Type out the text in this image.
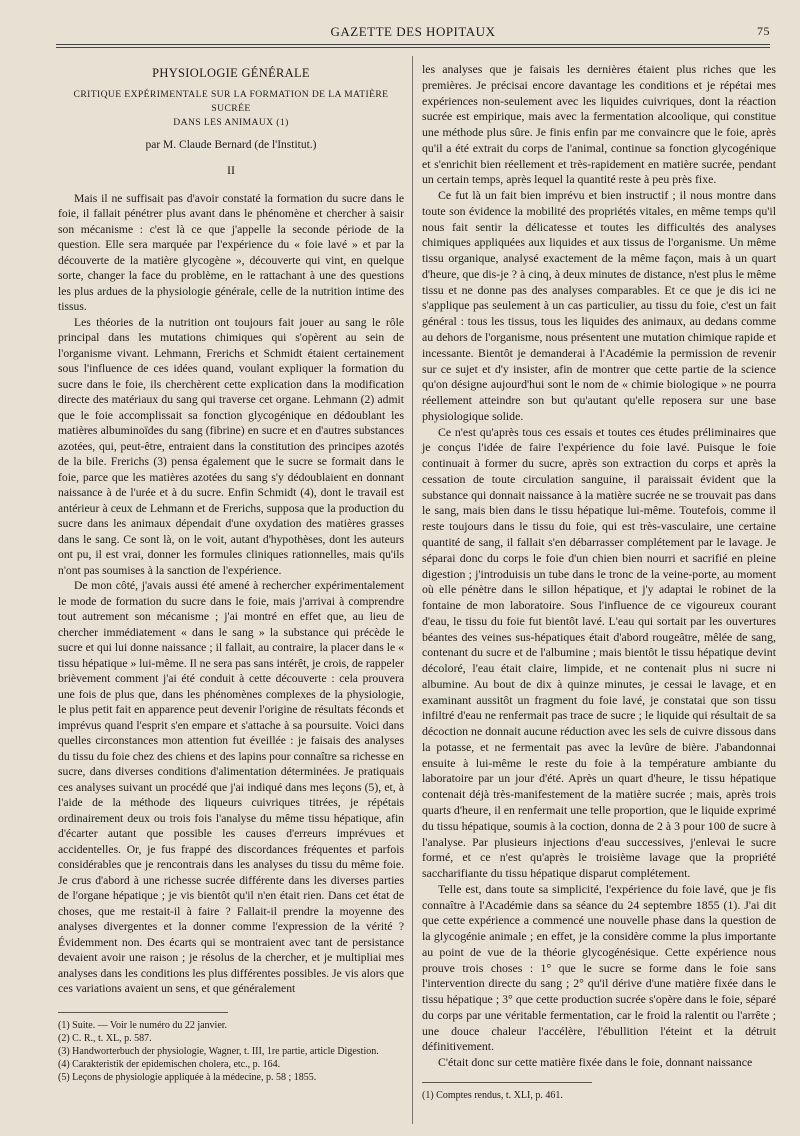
GAZETTE DES HOPITAUX	75
PHYSIOLOGIE GÉNÉRALE
CRITIQUE EXPÉRIMENTALE SUR LA FORMATION DE LA MATIÈRE SUCRÉE
DANS LES ANIMAUX (1)
par M. Claude Bernard (de l'Institut.)
II

Mais il ne suffisait pas d'avoir constaté la formation du sucre dans le foie, il fallait pénétrer plus avant dans le phénomène et chercher à saisir son mécanisme : c'est là ce que j'appelle la seconde période de la question. Elle sera marquée par l'expérience du « foie lavé » et par la découverte de la matière glycogène », découverte qui vint, en quelque sorte, changer la face du problème, en le rattachant à une des questions les plus ardues de la physiologie générale, celle de la nutrition intime des tissus.

Les théories de la nutrition ont toujours fait jouer au sang le rôle principal dans les mutations chimiques qui s'opèrent au sein de l'organisme vivant. Lehmann, Frerichs et Schmidt étaient certainement sous l'influence de ces idées quand, voulant expliquer la formation du sucre dans le foie, ils cherchèrent cette explication dans la modification directe des matériaux du sang qui traverse cet organe. Lehmann (2) admit que le foie accomplissait sa fonction glycogénique en dédoublant les matières albuminoïdes du sang (fibrine) en sucre et en d'autres substances azotées, qui, peut-être, entraient dans la constitution des principes azotés de la bile. Frerichs (3) pensa également que le sucre se formait dans le foie, parce que les matières azotées du sang s'y dédoublaient en donnant naissance à de l'urée et à du sucre. Enfin Schmidt (4), dont le travail est antérieur à ceux de Lehmann et de Frerichs, supposa que la production du sucre dans les animaux dépendait d'une oxydation des matières grasses dans le sang. Ce sont là, on le voit, autant d'hypothèses, dont les auteurs ont pu, il est vrai, donner les formules cliniques rationnelles, mais qu'ils n'ont pas soumises à la sanction de l'expérience.

De mon côté, j'avais aussi été amené à rechercher expérimentalement le mode de formation du sucre dans le foie, mais j'arrivai à comprendre tout autrement son mécanisme ; j'ai montré en effet que, au lieu de chercher immédiatement « dans le sang » la substance qui précède le sucre et qui lui donne naissance ; il fallait, au contraire, la placer dans le « tissu hépatique » lui-même. Il ne sera pas sans intérêt, je crois, de rappeler brièvement comment j'ai été conduit à cette découverte : cela prouvera une fois de plus que, dans les phénomènes complexes de la physiologie, le plus petit fait en apparence peut devenir l'origine de résultats féconds et imprévus quand l'esprit s'en empare et s'attache à sa poursuite. Voici dans quelles circonstances mon attention fut éveillée : je faisais des analyses du tissu du foie chez des chiens et des lapins pour connaître sa richesse en sucre, dans diverses conditions d'alimentation déterminées. Je pratiquais ces analyses suivant un procédé que j'ai indiqué dans mes leçons (5), et, à l'aide de la méthode des liqueurs cuivriques titrées, je répétais ordinairement deux ou trois fois l'analyse du même tissu hépatique, afin d'écarter autant que possible les causes d'erreurs imprévues et accidentelles. Or, je fus frappé des discordances fréquentes et parfois considérables que je rencontrais dans les analyses du tissu du même foie. Je crus d'abord à une richesse sucrée différente dans les diverses parties de l'organe hépatique ; je vis bientôt qu'il n'en était rien. Dans cet état de choses, que me restait-il à faire ? Fallait-il prendre la moyenne des analyses divergentes et la donner comme l'expression de la vérité ? Évidemment non. Des écarts qui se montraient avec tant de persistance devaient avoir une raison ; je résolus de la chercher, et je multipliai mes analyses dans les conditions les plus différentes possibles. Je vis alors que ces variations avaient un sens, et que généralement

(1) Suite. — Voir le numéro du 22 janvier.
(2) C. R., t. XL, p. 587.
(3) Handworterbuch der physiologie, Wagner, t. III, 1re partie, article Digestion.
(4) Carakteristik der epidemischen cholera, etc., p. 164.
(5) Leçons de physiologie appliquée à la médecine, p. 58 ; 1855.

les analyses que je faisais les dernières étaient plus riches que les premières. Je précisai encore davantage les conditions et je répétai mes expériences non-seulement avec les liquides cuivriques, dont la réaction sucrée est empirique, mais avec la fermentation alcoolique, qui constitue une méthode plus sûre. Je finis enfin par me convaincre que le foie, après qu'il a été extrait du corps de l'animal, continue sa fonction glycogénique et s'enrichit bien réellement et très-rapidement en matière sucrée, pendant un certain temps, après lequel la quantité reste à peu près fixe.

Ce fut là un fait bien imprévu et bien instructif ; il nous montre dans toute son évidence la mobilité des propriétés vitales, en même temps qu'il nous fait sentir la délicatesse et toutes les difficultés des analyses chimiques appliquées aux liquides et aux tissus de l'organisme. Un même tissu organique, analysé exactement de la même façon, mais à un quart d'heure, que dis-je ? à cinq, à deux minutes de distance, n'est plus le même tissu et ne donne pas des analyses comparables. Et ce que je dis ici ne s'applique pas seulement à un cas particulier, au tissu du foie, c'est un fait général : tous les tissus, tous les liquides des animaux, au dedans comme au dehors de l'organisme, nous présentent une mutation chimique rapide et incessante. Bientôt je demanderai à l'Académie la permission de revenir sur ce sujet et d'y insister, afin de montrer que cette partie de la science qu'on désigne aujourd'hui sont le nom de « chimie biologique » ne pourra réellement atteindre son but qu'autant qu'elle reposera sur une base physiologique solide.

Ce n'est qu'après tous ces essais et toutes ces études préliminaires que je conçus l'idée de faire l'expérience du foie lavé. Puisque le foie continuait à former du sucre, après son extraction du corps et après la cessation de toute circulation sanguine, il paraissait évident que la substance qui donnait naissance à la matière sucrée ne se trouvait pas dans le sang, mais bien dans le tissu hépatique lui-même. Toutefois, comme il reste toujours dans le tissu du foie, qui est très-vasculaire, une certaine quantité de sang, il fallait s'en débarrasser complétement par le lavage. Je séparai donc du corps le foie d'un chien bien nourri et sacrifié en pleine digestion ; j'introduisis un tube dans le tronc de la veine-porte, au moment où elle pénètre dans le sillon hépatique, et j'y adaptai le robinet de la fontaine de mon laboratoire. Sous l'influence de ce vigoureux courant d'eau, le tissu du foie fut bientôt lavé. L'eau qui sortait par les ouvertures béantes des veines sus-hépatiques était d'abord rougeâtre, mêlée de sang, contenant du sucre et de l'albumine ; mais bientôt le tissu hépatique devint décoloré, l'eau était claire, limpide, et ne contenait plus ni sucre ni albumine. Au bout de dix à quinze minutes, je cessai le lavage, et en examinant aussitôt un fragment du foie lavé, je constatai que son tissu infiltré d'eau ne renfermait pas trace de sucre ; le liquide qui résultait de sa décoction ne donnait aucune réduction avec les sels de cuivre dissous dans la potasse, et ne fermentait pas avec la levûre de bière. J'abandonnai ensuite à lui-même le reste du foie à la température ambiante du laboratoire par un jour d'été. Après un quart d'heure, le tissu hépatique contenait déjà très-manifestement de la matière sucrée ; mais, après trois quarts d'heure, il en renfermait une telle proportion, que le liquide exprimé du tissu hépatique, soumis à la coction, donna de 2 à 3 pour 100 de sucre à l'analyse. Par plusieurs injections d'eau successives, j'enlevai le sucre formé, et ce n'est qu'après le troisième lavage que la propriété saccharifiante du tissu hépatique disparut complétement.

Telle est, dans toute sa simplicité, l'expérience du foie lavé, que je fis connaître à l'Académie dans sa séance du 24 septembre 1855 (1). J'ai dit que cette expérience a commencé une nouvelle phase dans la question de la glycogénie animale ; en effet, je la considère comme la plus importante au point de vue de la théorie glycogénésique. Cette expérience nous prouve trois choses : 1° que le sucre se forme dans le foie sans l'intervention directe du sang ; 2° qu'il dérive d'une matière fixée dans le tissu hépatique ; 3° que cette production sucrée s'opère dans le foie, séparé du corps par une véritable fermentation, car le froid la ralentit ou l'arrête ; une douce chaleur l'accélère, l'ébullition l'éteint et la détruit définitivement.

C'était donc sur cette matière fixée dans le foie, donnant naissance

(1) Comptes rendus, t. XLI, p. 461.
